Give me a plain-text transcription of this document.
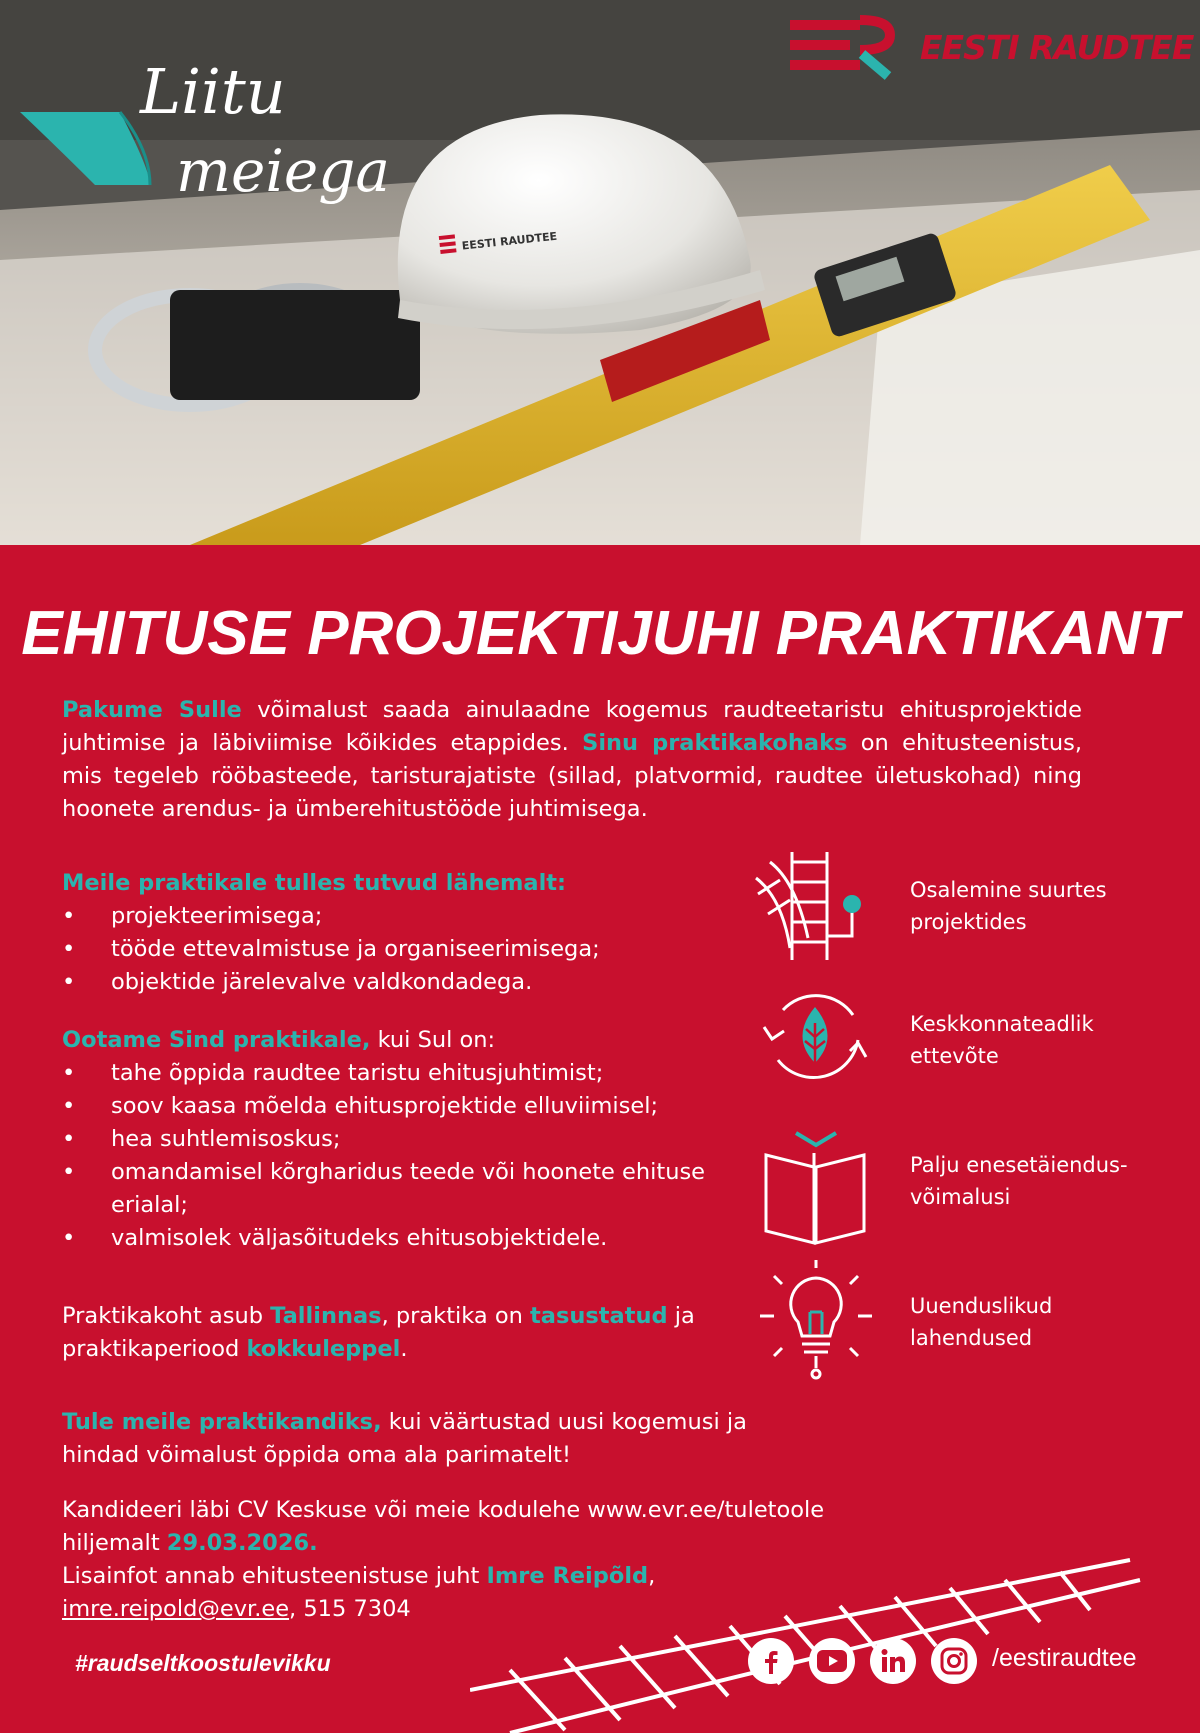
EESTI RAUDTEE
EESTI RAUDTEE
Liitu
meiega
EHITUSE PROJEKTIJUHI PRAKTIKANT
Pakume Sulle võimalust saada ainulaadne kogemus raudteetaristu ehitusprojektide
juhtimise ja läbiviimise kõikides etappides. Sinu praktikakohaks on ehitusteenistus,
mis tegeleb rööbasteede, taristurajatiste (sillad, platvormid, raudtee ületuskohad) ning
hoonete arendus- ja ümberehitustööde juhtimisega.
Meile praktikale tulles tutvud lähemalt:
• projekteerimisega;
• tööde ettevalmistuse ja organiseerimisega;
• objektide järelevalve valdkondadega.
Ootame Sind praktikale, kui Sul on:
• tahe õppida raudtee taristu ehitusjuhtimist;
• soov kaasa mõelda ehitusprojektide elluviimisel;
• hea suhtlemisoskus;
• omandamisel kõrgharidus teede või hoonete ehituse erialal;
• valmisolek väljasõitudeks ehitusobjektidele.
Praktikakoht asub Tallinnas, praktika on tasustatud ja
praktikaperiood kokkuleppel.
Tule meile praktikandiks, kui väärtustad uusi kogemusi ja
hindad võimalust õppida oma ala parimatelt!
Kandideeri läbi CV Keskuse või meie kodulehe www.evr.ee/tuletoole
hiljemalt 29.03.2026.
Lisainfot annab ehitusteenistuse juht Imre Reipõld,
imre.reipold@evr.ee, 515 7304
Osalemine suurtes
projektides
Keskkonnateadlik
ettevõte
Palju enesetäiendus-
võimalusi
Uuenduslikud
lahendused
#raudseltkoostulevikku	/eestiraudtee
